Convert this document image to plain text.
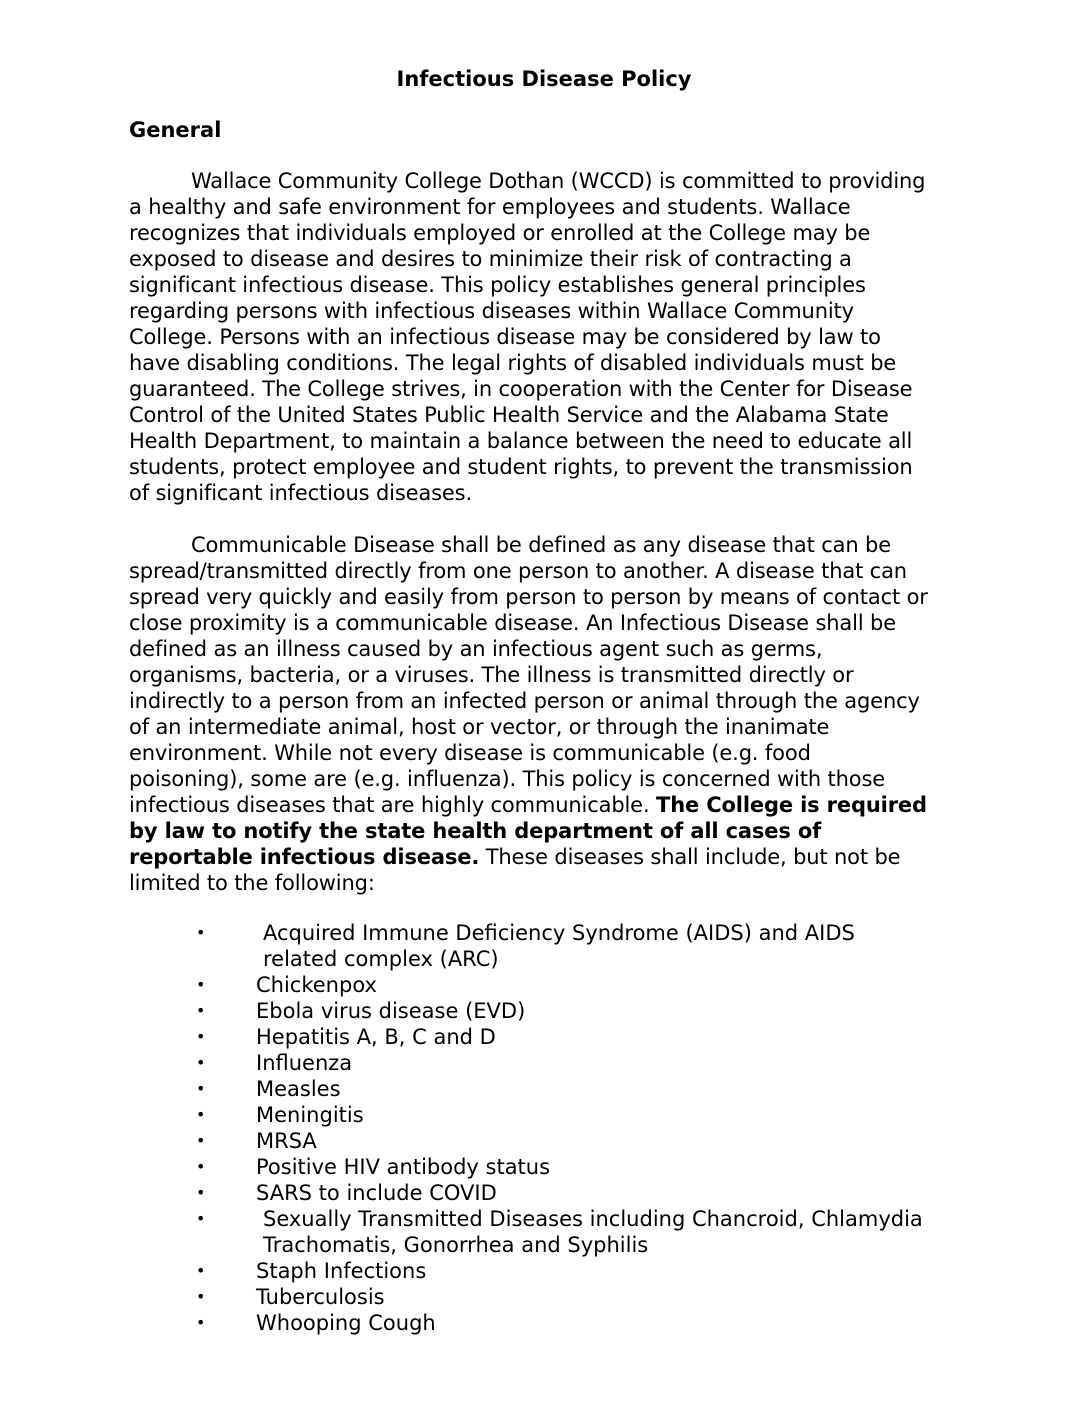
Infectious Disease Policy
General
Wallace Community College Dothan (WCCD) is committed to providing
a healthy and safe environment for employees and students. Wallace
recognizes that individuals employed or enrolled at the College may be
exposed to disease and desires to minimize their risk of contracting a
significant infectious disease. This policy establishes general principles
regarding persons with infectious diseases within Wallace Community
College. Persons with an infectious disease may be considered by law to
have disabling conditions. The legal rights of disabled individuals must be
guaranteed. The College strives, in cooperation with the Center for Disease
Control of the United States Public Health Service and the Alabama State
Health Department, to maintain a balance between the need to educate all
students, protect employee and student rights, to prevent the transmission
of significant infectious diseases.
Communicable Disease shall be defined as any disease that can be
spread/transmitted directly from one person to another. A disease that can
spread very quickly and easily from person to person by means of contact or
close proximity is a communicable disease. An Infectious Disease shall be
defined as an illness caused by an infectious agent such as germs,
organisms, bacteria, or a viruses. The illness is transmitted directly or
indirectly to a person from an infected person or animal through the agency
of an intermediate animal, host or vector, or through the inanimate
environment. While not every disease is communicable (e.g. food
poisoning), some are (e.g. influenza). This policy is concerned with those
infectious diseases that are highly communicable. The College is required
by law to notify the state health department of all cases of
reportable infectious disease. These diseases shall include, but not be
limited to the following:
•	Acquired Immune Deficiency Syndrome (AIDS) and AIDS
related complex (ARC)
• Chickenpox
• Ebola virus disease (EVD)
• Hepatitis A, B, C and D
• Influenza
• Measles
• Meningitis
• MRSA
• Positive HIV antibody status
• SARS to include COVID
•	Sexually Transmitted Diseases including Chancroid, Chlamydia
Trachomatis, Gonorrhea and Syphilis
• Staph Infections
• Tuberculosis
• Whooping Cough
